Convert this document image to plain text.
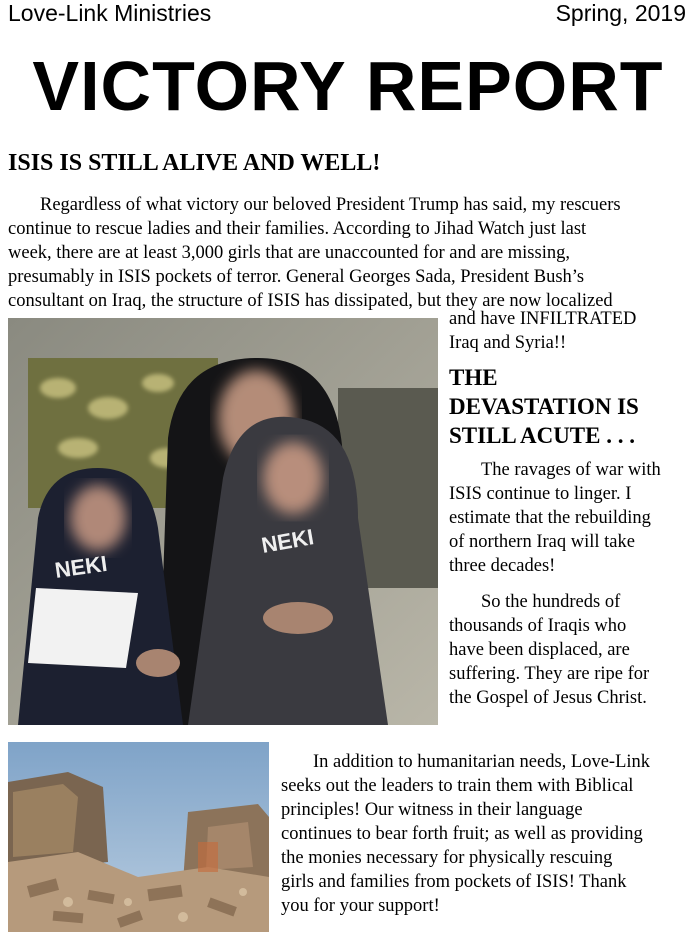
Love-Link Ministries	Spring, 2019
VICTORY REPORT
ISIS IS STILL ALIVE AND WELL!
Regardless of what victory our beloved President Trump has said, my rescuers
continue to rescue ladies and their families. According to Jihad Watch just last
week, there are at least 3,000 girls that are unaccounted for and are missing,
presumably in ISIS pockets of terror. General Georges Sada, President Bush’s
consultant on Iraq, the structure of ISIS has dissipated, but they are now localized
NEKI
NEKI
and have INFILTRATED
Iraq and Syria!!
THE
DEVASTATION IS
STILL ACUTE . . .
The ravages of war with
ISIS continue to linger. I
estimate that the rebuilding
of northern Iraq will take
three decades!
So the hundreds of
thousands of Iraqis who
have been displaced, are
suffering. They are ripe for
the Gospel of Jesus Christ.
In addition to humanitarian needs, Love-Link
seeks out the leaders to train them with Biblical
principles! Our witness in their language
continues to bear forth fruit; as well as providing
the monies necessary for physically rescuing
girls and families from pockets of ISIS! Thank
you for your support!
